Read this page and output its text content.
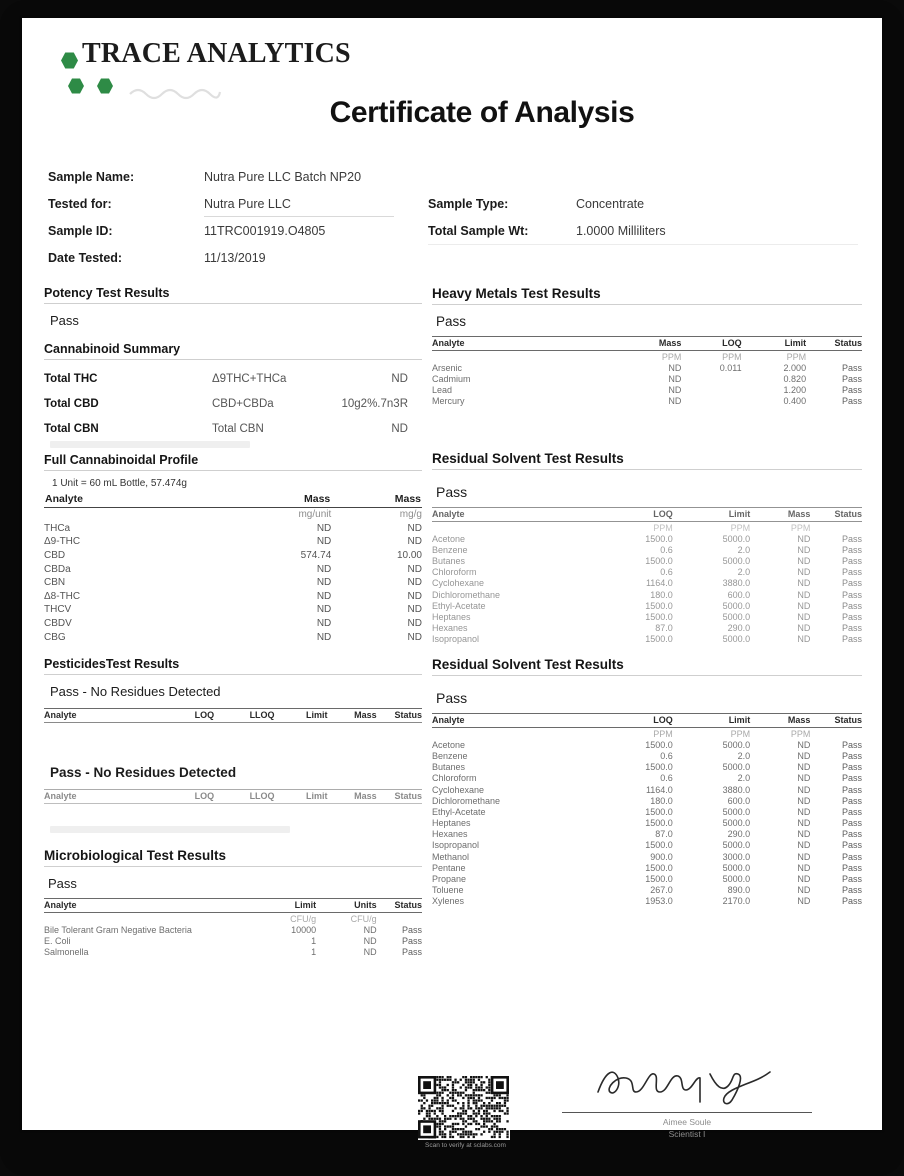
TRACE ANALYTICS
Certificate of Analysis
Sample Name:	Nutra Pure LLC Batch NP20
Tested for:	Nutra Pure LLC
Sample ID:	11TRC001919.O4805
Date Tested:	11/13/2019
Sample Type:	Concentrate
Total Sample Wt:	1.0000 Milliliters
Potency Test Results
Pass
Cannabinoid Summary
Total THC	Δ9THC+THCa	ND
Total CBD	CBD+CBDa	10g2%.7n3R
Total CBN	Total CBN	ND
Full Cannabinoidal Profile
1 Unit = 60 mL Bottle, 57.474g
Analyte	Mass	Mass
	mg/unit	mg/g
THCa	ND	ND
Δ9-THC	ND	ND
CBD	574.74	10.00
CBDa	ND	ND
CBN	ND	ND
Δ8-THC	ND	ND
THCV	ND	ND
CBDV	ND	ND
CBG	ND	ND
PesticidesTest Results
Pass - No Residues Detected
Analyte	LOQ	LLOQ	Limit	Mass	Status
Pass - No Residues Detected
Analyte	LOQ	LLOQ	Limit	Mass	Status
Microbiological Test Results
Pass
Analyte	Limit	Units	Status
	CFU/g	CFU/g	
Bile Tolerant Gram Negative Bacteria	10000	ND	Pass
E. Coli	1	ND	Pass
Salmonella	1	ND	Pass
Heavy Metals Test Results
Pass
Analyte	Mass	LOQ	Limit	Status
	PPM	PPM	PPM	
Arsenic	ND	0.011	2.000	Pass
Cadmium	ND		0.820	Pass
Lead	ND		1.200	Pass
Mercury	ND		0.400	Pass
Residual Solvent Test Results
Pass
Analyte	LOQ	Limit	Mass	Status
	PPM	PPM	PPM	
Acetone	1500.0	5000.0	ND	Pass
Benzene	0.6	2.0	ND	Pass
Butanes	1500.0	5000.0	ND	Pass
Chloroform	0.6	2.0	ND	Pass
Cyclohexane	1164.0	3880.0	ND	Pass
Dichloromethane	180.0	600.0	ND	Pass
Ethyl-Acetate	1500.0	5000.0	ND	Pass
Heptanes	1500.0	5000.0	ND	Pass
Hexanes	87.0	290.0	ND	Pass
Isopropanol	1500.0	5000.0	ND	Pass
Residual Solvent Test Results
Pass
Analyte	LOQ	Limit	Mass	Status
	PPM	PPM	PPM	
Acetone	1500.0	5000.0	ND	Pass
Benzene	0.6	2.0	ND	Pass
Butanes	1500.0	5000.0	ND	Pass
Chloroform	0.6	2.0	ND	Pass
Cyclohexane	1164.0	3880.0	ND	Pass
Dichloromethane	180.0	600.0	ND	Pass
Ethyl-Acetate	1500.0	5000.0	ND	Pass
Heptanes	1500.0	5000.0	ND	Pass
Hexanes	87.0	290.0	ND	Pass
Isopropanol	1500.0	5000.0	ND	Pass
Methanol	900.0	3000.0	ND	Pass
Pentane	1500.0	5000.0	ND	Pass
Propane	1500.0	5000.0	ND	Pass
Toluene	267.0	890.0	ND	Pass
Xylenes	1953.0	2170.0	ND	Pass
Scan to verify at sclabs.com
Aimee Soule
Scientist I
